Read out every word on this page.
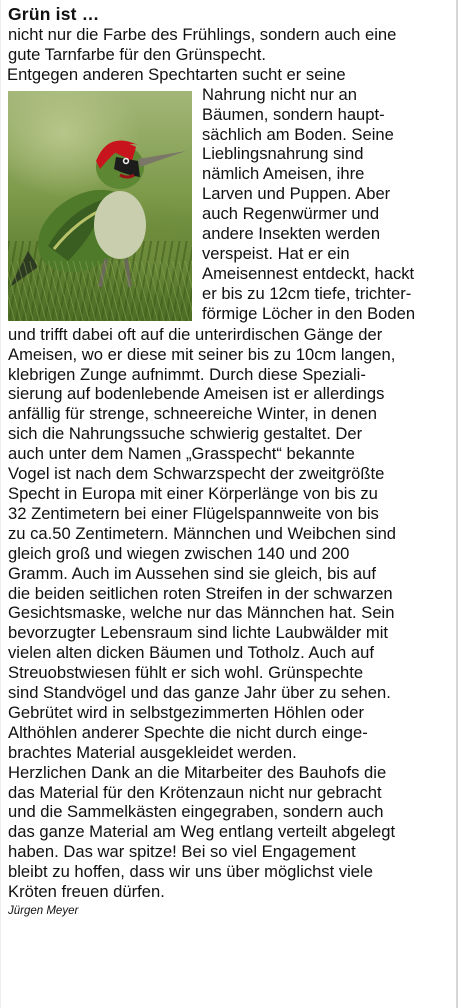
Grün ist …
nicht nur die Farbe des Frühlings, sondern auch eine
gute Tarnfarbe für den Grünspecht.
Entgegen anderen Spechtarten sucht er seine
Nahrung nicht nur an
Bäumen, sondern haupt-
sächlich am Boden. Seine
Lieblingsnahrung sind
nämlich Ameisen, ihre
Larven und Puppen. Aber
auch Regenwürmer und
andere Insekten werden
verspeist. Hat er ein
Ameisennest entdeckt, hackt
er bis zu 12cm tiefe, trichter-
förmige Löcher in den Boden
und trifft dabei oft auf die unterirdischen Gänge der
Ameisen, wo er diese mit seiner bis zu 10cm langen,
klebrigen Zunge aufnimmt. Durch diese Speziali-
sierung auf bodenlebende Ameisen ist er allerdings
anfällig für strenge, schneereiche Winter, in denen
sich die Nahrungssuche schwierig gestaltet. Der
auch unter dem Namen „Grasspecht“ bekannte
Vogel ist nach dem Schwarzspecht der zweitgrößte
Specht in Europa mit einer Körperlänge von bis zu
32 Zentimetern bei einer Flügelspannweite von bis
zu ca.50 Zentimetern. Männchen und Weibchen sind
gleich groß und wiegen zwischen 140 und 200
Gramm. Auch im Aussehen sind sie gleich, bis auf
die beiden seitlichen roten Streifen in der schwarzen
Gesichtsmaske, welche nur das Männchen hat. Sein
bevorzugter Lebensraum sind lichte Laubwälder mit
vielen alten dicken Bäumen und Totholz. Auch auf
Streuobstwiesen fühlt er sich wohl. Grünspechte
sind Standvögel und das ganze Jahr über zu sehen.
Gebrütet wird in selbstgezimmerten Höhlen oder
Althöhlen anderer Spechte die nicht durch einge-
brachtes Material ausgekleidet werden.
Herzlichen Dank an die Mitarbeiter des Bauhofs die
das Material für den Krötenzaun nicht nur gebracht
und die Sammelkästen eingegraben, sondern auch
das ganze Material am Weg entlang verteilt abgelegt
haben. Das war spitze! Bei so viel Engagement
bleibt zu hoffen, dass wir uns über möglichst viele
Kröten freuen dürfen.
Jürgen Meyer
